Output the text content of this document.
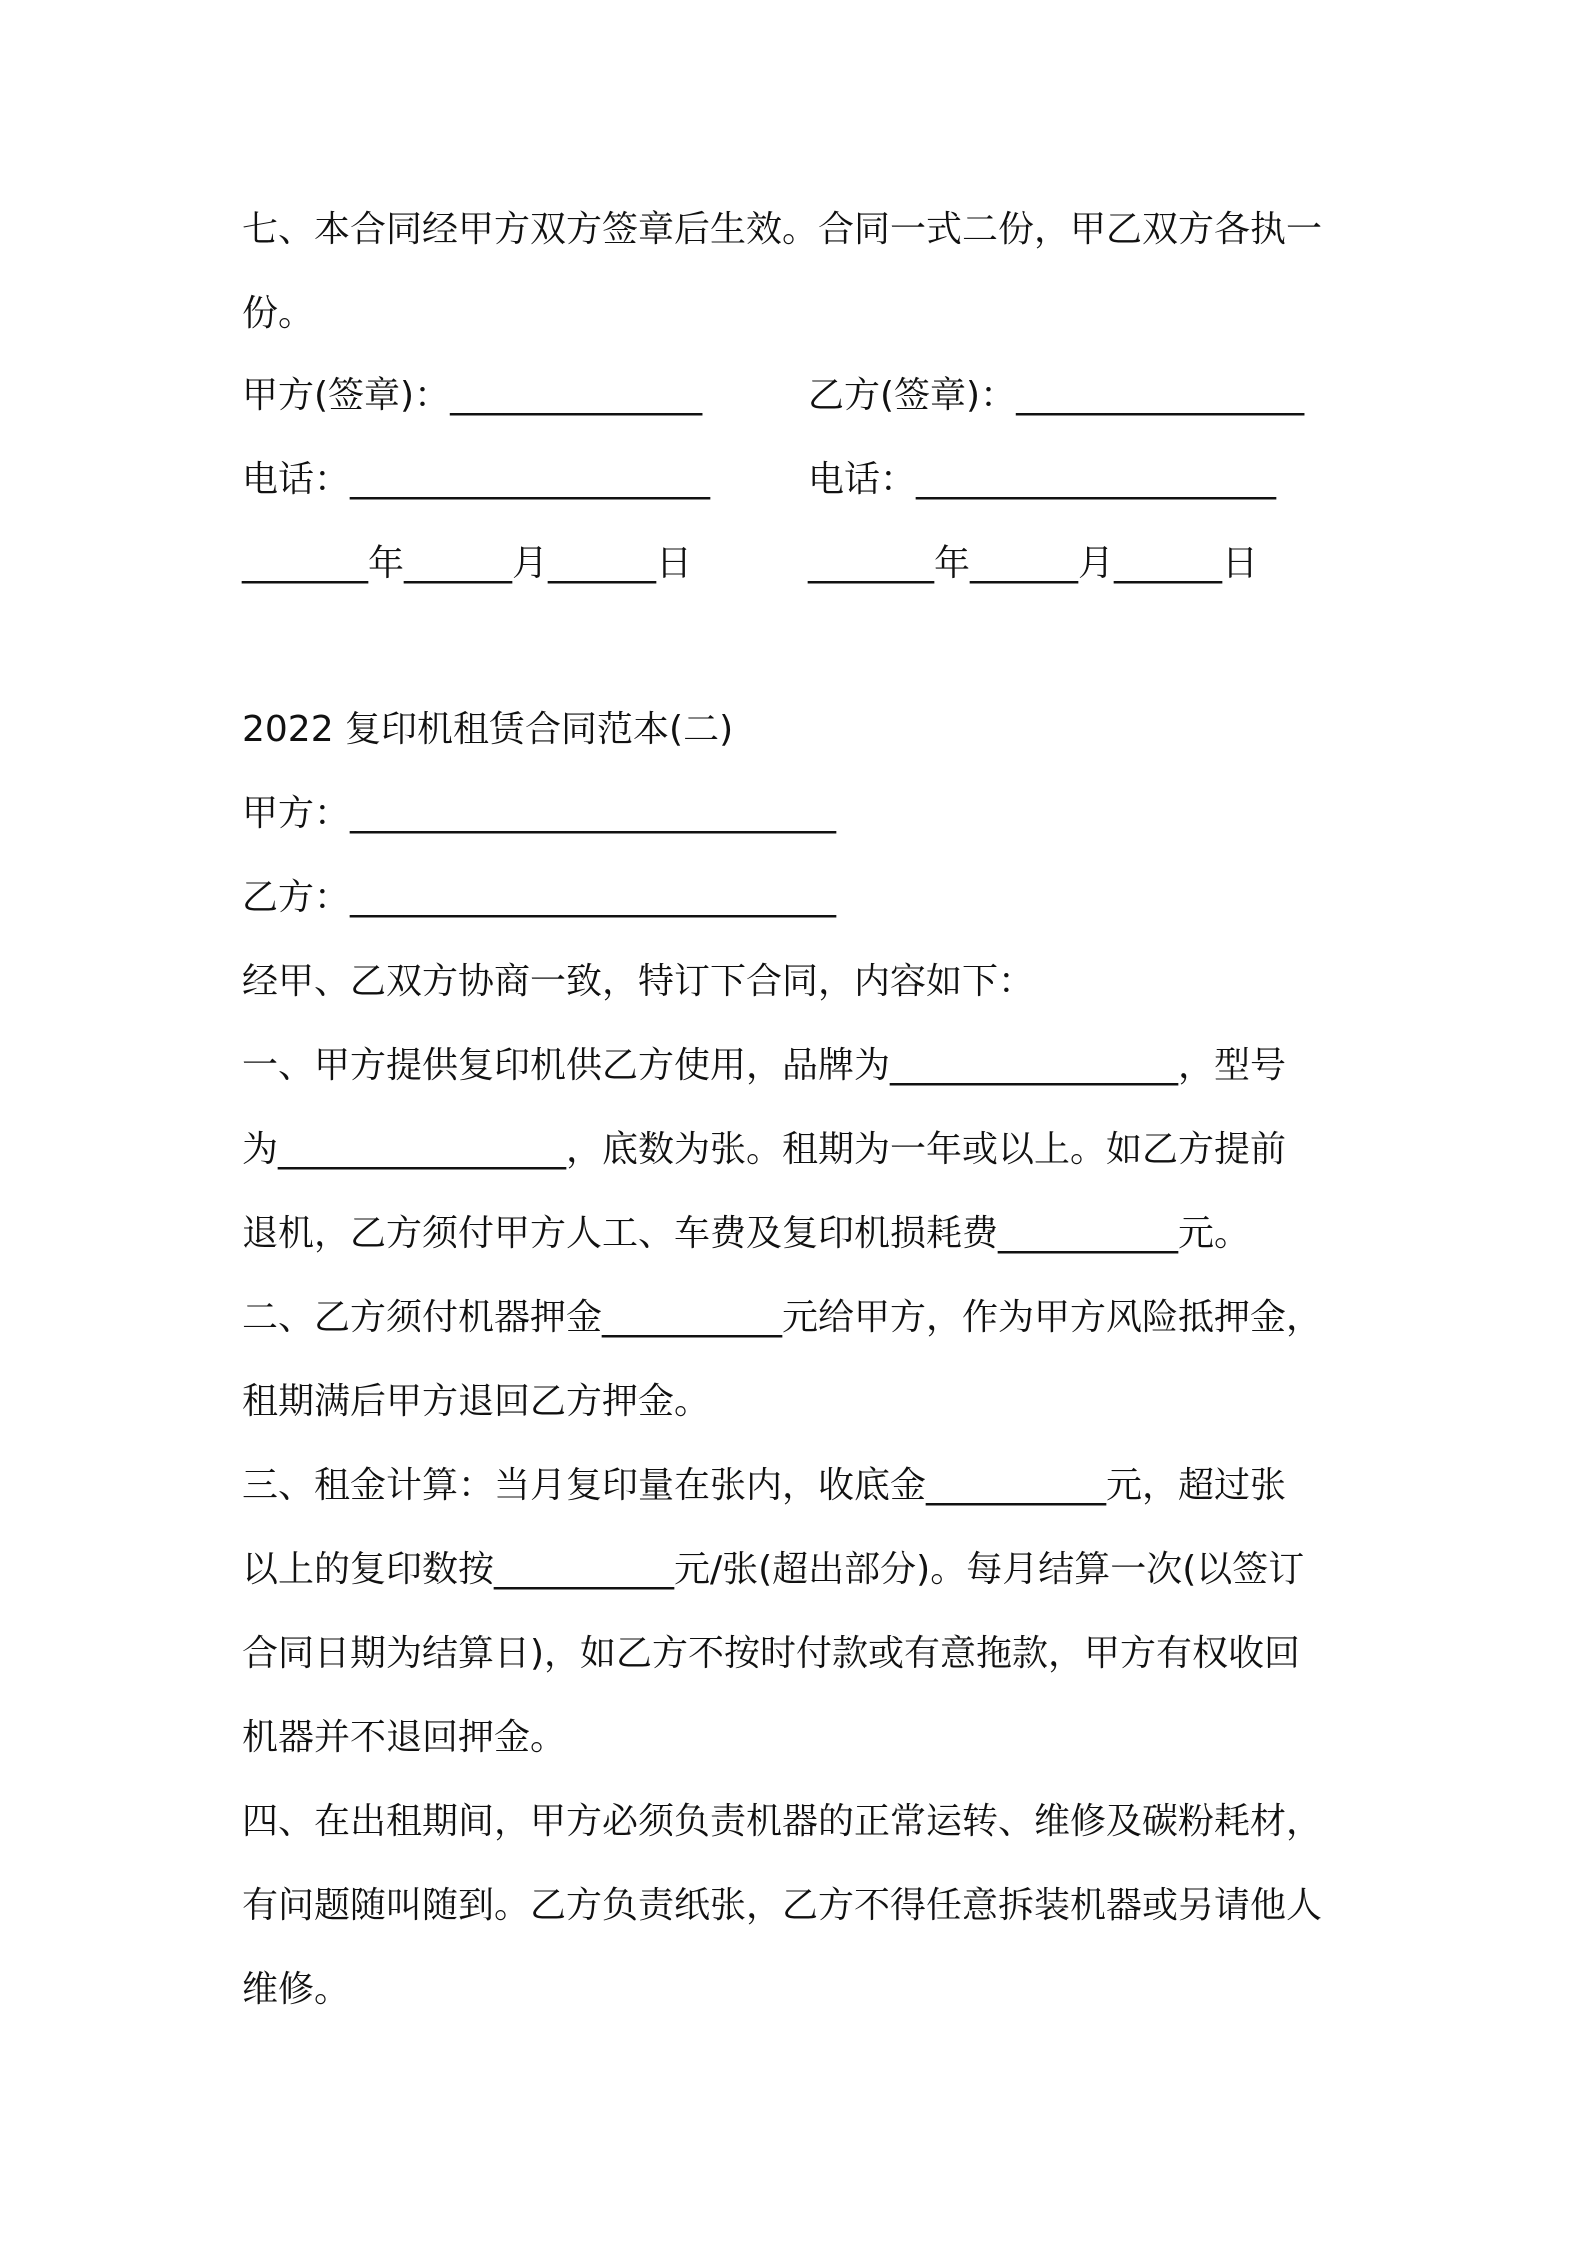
七、本合同经甲方双方签章后生效。合同一式二份，甲乙双方各执一
份。
甲方(签章)：______________	乙方(签章)：________________
电话：____________________	电话：____________________
_______年______月______日	_______年______月______日
2022 复印机租赁合同范本(二)
甲方：___________________________
乙方：___________________________
经甲、乙双方协商一致，特订下合同，内容如下：
一、甲方提供复印机供乙方使用，品牌为________________，型号
为________________，底数为张。租期为一年或以上。如乙方提前
退机，乙方须付甲方人工、车费及复印机损耗费__________元。
二、乙方须付机器押金__________元给甲方，作为甲方风险抵押金，
租期满后甲方退回乙方押金。
三、租金计算：当月复印量在张内，收底金__________元，超过张
以上的复印数按__________元/张(超出部分)。每月结算一次(以签订
合同日期为结算日)，如乙方不按时付款或有意拖款，甲方有权收回
机器并不退回押金。
四、在出租期间，甲方必须负责机器的正常运转、维修及碳粉耗材，
有问题随叫随到。乙方负责纸张，乙方不得任意拆装机器或另请他人
维修。
